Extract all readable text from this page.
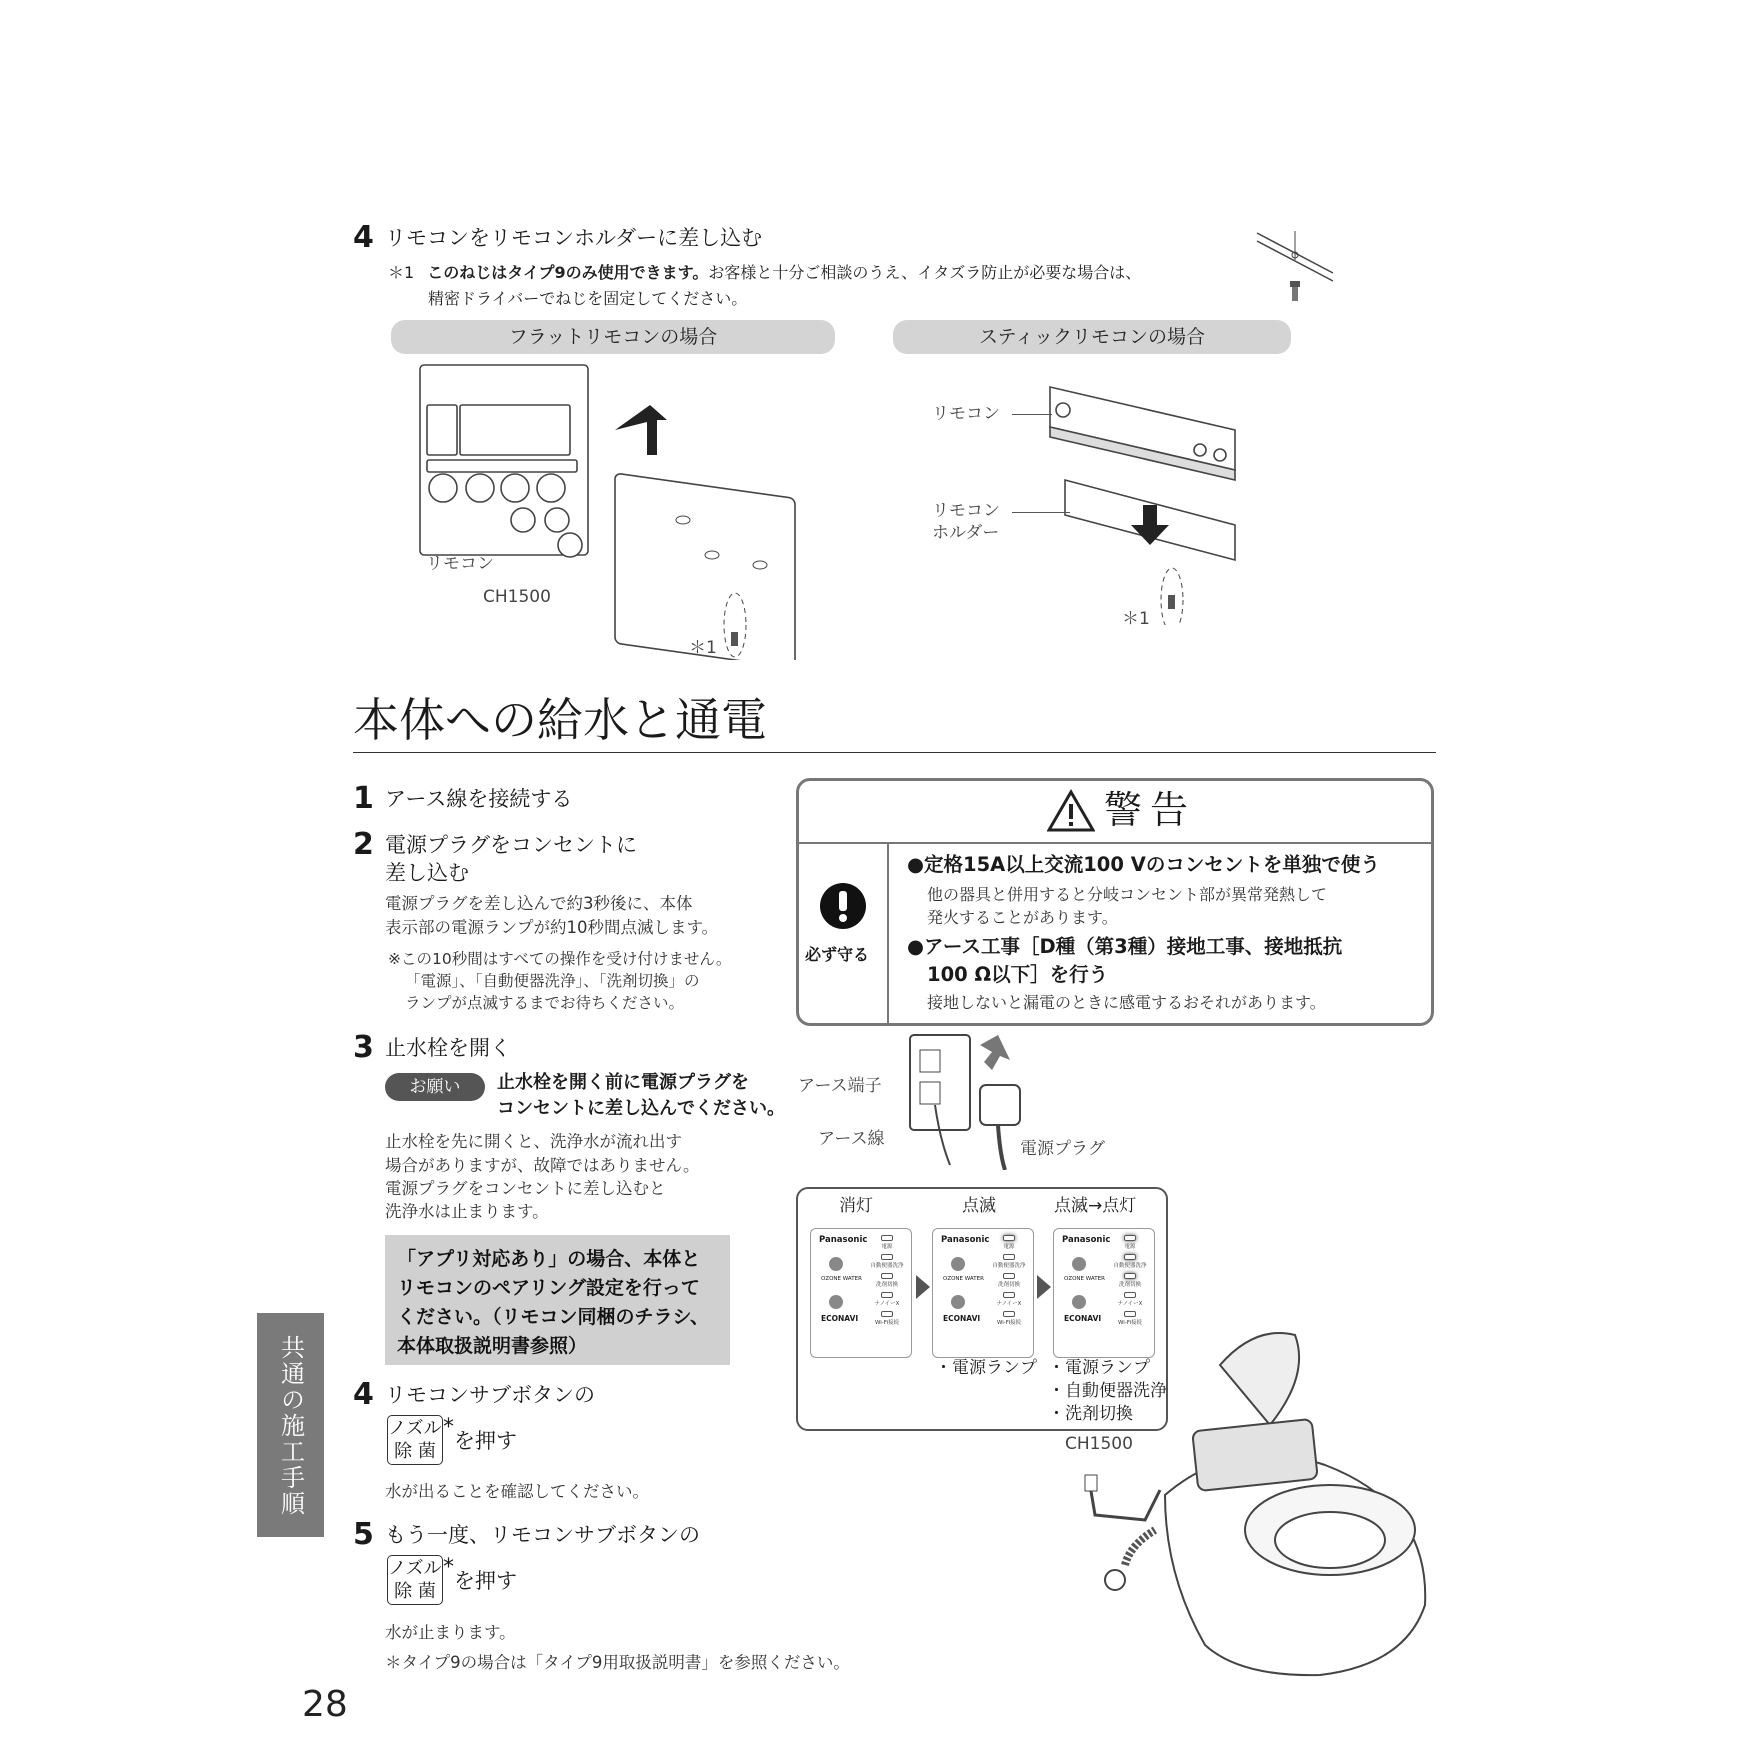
4 リモコンをリモコンホルダーに差し込む
＊1 このねじはタイプ9のみ使用できます。お客様と十分ご相談のうえ、イタズラ防止が必要な場合は、
精密ドライバーでねじを固定してください。
フラットリモコンの場合	スティックリモコンの場合
リモコン
CH1500
＊1
リモコン
リモコン
ホルダー
＊1
本体への給水と通電
1 アース線を接続する
2 電源プラグをコンセントに
差し込む
電源プラグを差し込んで約3秒後に、本体
表示部の電源ランプが約10秒間点滅します。
※この10秒間はすべての操作を受け付けません。
「電源」、「自動便器洗浄」、「洗剤切換」の
ランプが点滅するまでお待ちください。
3 止水栓を開く
お願い	止水栓を開く前に電源プラグを
コンセントに差し込んでください。
止水栓を先に開くと、洗浄水が流れ出す
場合がありますが、故障ではありません。
電源プラグをコンセントに差し込むと
洗浄水は止まります。
「アプリ対応あり」の場合、本体と
リモコンのペアリング設定を行って
ください。（リモコン同梱のチラシ、
本体取扱説明書参照）
4 リモコンサブボタンの
ノズル
除 菌*を押す
水が出ることを確認してください。
5 もう一度、リモコンサブボタンの
ノズル
除 菌*を押す
水が止まります。
＊タイプ9の場合は「タイプ9用取扱説明書」を参照ください。
警告
必ず守る
●定格15A以上交流100 Vのコンセントを単独で使う
他の器具と併用すると分岐コンセント部が異常発熱して
発火することがあります。
●アース工事［D種（第3種）接地工事、接地抵抗
100 Ω以下］を行う
接地しないと漏電のときに感電するおそれがあります。
アース端子
アース線	電源プラグ
消灯	点滅	点滅→点灯
Panasonic
OZONE WATER
ECONAVI
電源
自動便器洗浄
洗剤切換
ナノイーX
Wi-Fi接続
Panasonic
OZONE WATER
ECONAVI
電源
自動便器洗浄
洗剤切換
ナノイーX
Wi-Fi接続
Panasonic
OZONE WATER
ECONAVI
電源
自動便器洗浄
洗剤切換
ナノイーX
Wi-Fi接続
・電源ランプ ・電源ランプ
・自動便器洗浄
・洗剤切換
CH1500
共通の施工手順
28
